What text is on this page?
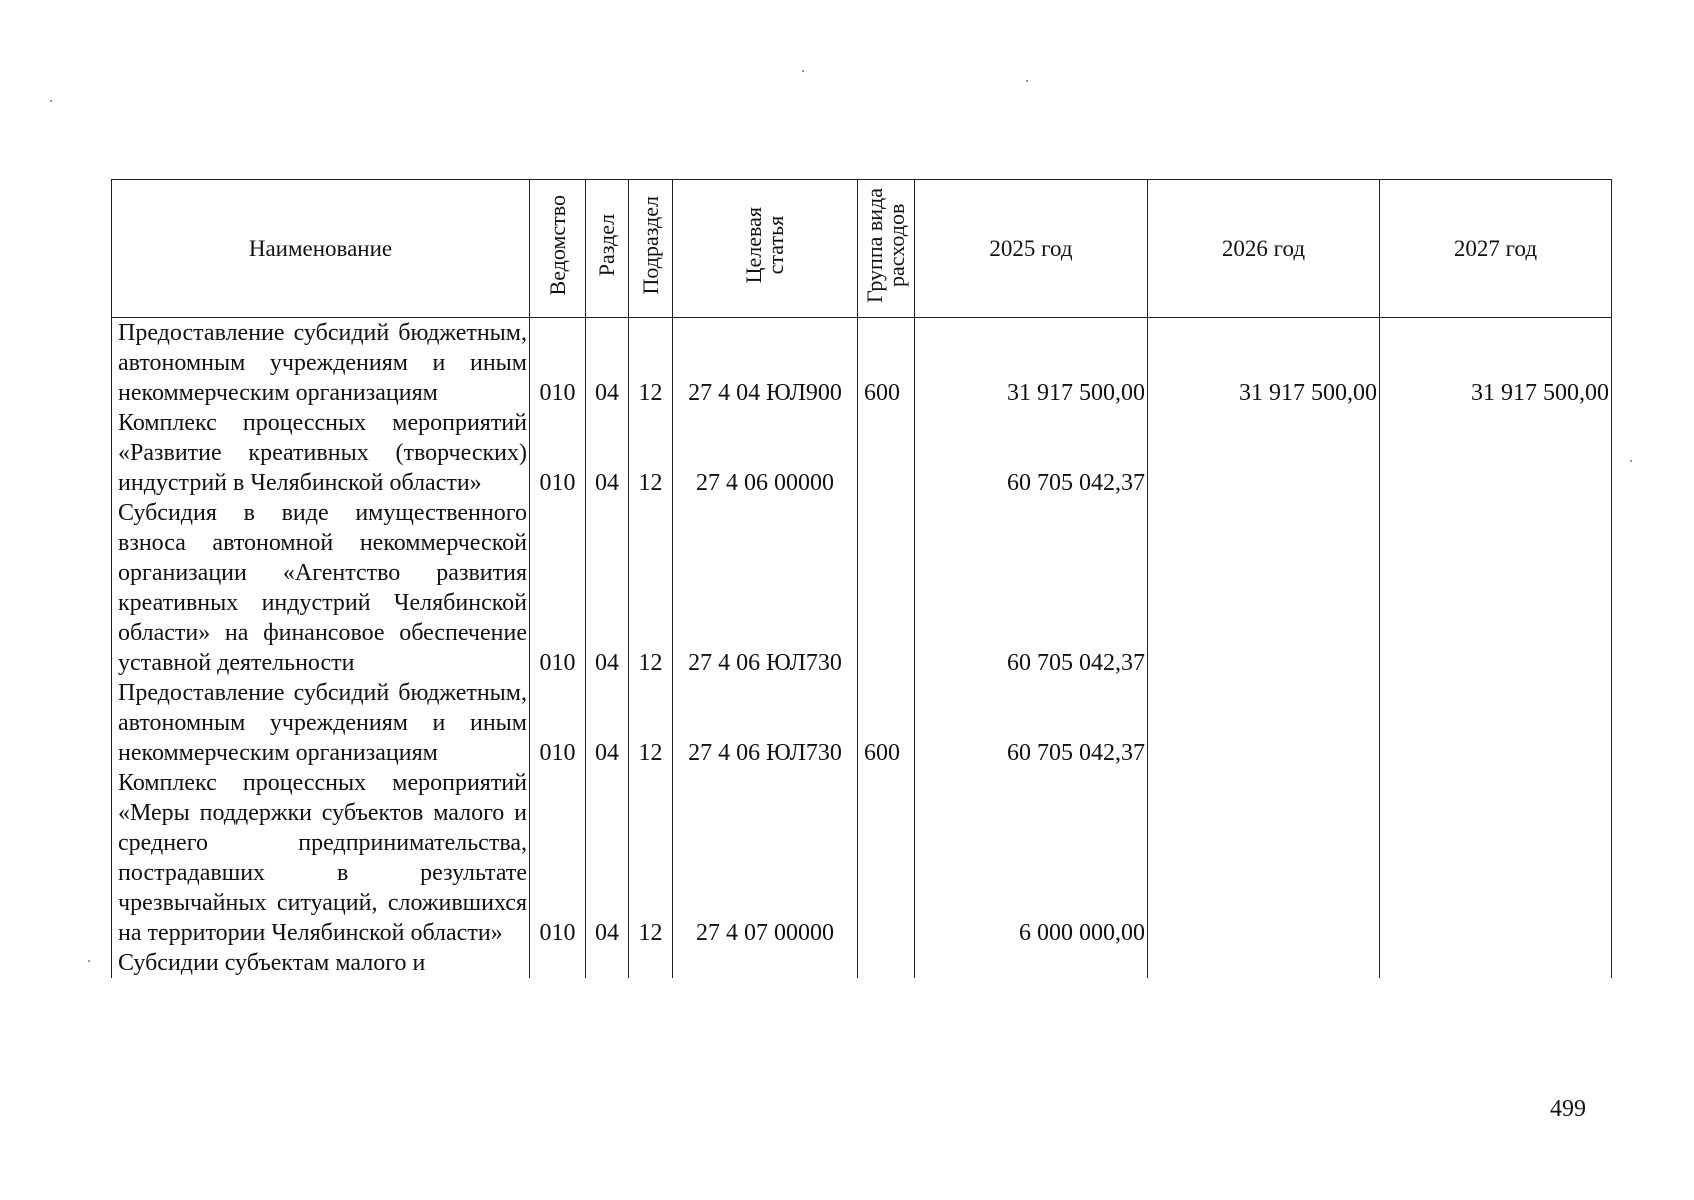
Наименование	Ведомство	Раздел	Подраздел	Целевая
статья	Группа вида
расходов	2025 год	2026 год	2027 год
Предоставление субсидий бюджетным, автономным учреждениям и иным некоммерческим организациям	010	04	12	27 4 04 ЮЛ900	600	31 917 500,00	31 917 500,00	31 917 500,00
Комплекс процессных мероприятий «Развитие креативных (творческих) индустрий в Челябинской области»	010	04	12	27 4 06 00000		60 705 042,37		
Субсидия в виде имущественного взноса автономной некоммерческой организации «Агентство развития креативных индустрий Челябинской области» на финансовое обеспечение уставной деятельности	010	04	12	27 4 06 ЮЛ730		60 705 042,37		
Предоставление субсидий бюджетным, автономным учреждениям и иным некоммерческим организациям	010	04	12	27 4 06 ЮЛ730	600	60 705 042,37		
Комплекс процессных мероприятий «Меры поддержки субъектов малого и среднего предпринимательства, пострадавших в результате чрезвычайных ситуаций, сложившихся на территории Челябинской области»	010	04	12	27 4 07 00000		6 000 000,00		
Субсидии субъектам малого и								
499
